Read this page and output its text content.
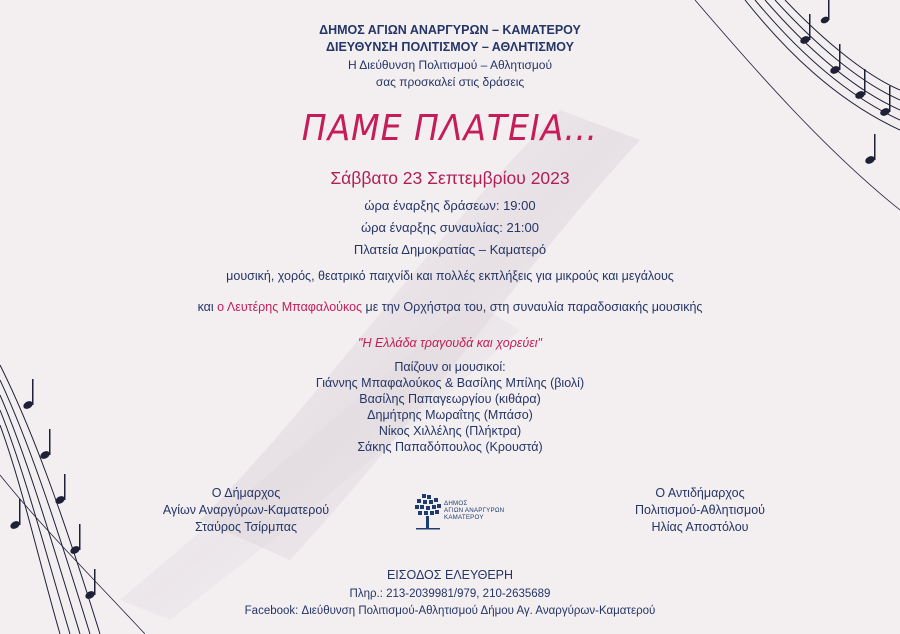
ΔΗΜΟΣ ΑΓΙΩΝ ΑΝΑΡΓΥΡΩΝ – ΚΑΜΑΤΕΡΟΥ
ΔΙΕΥΘΥΝΣΗ ΠΟΛΙΤΙΣΜΟΥ – ΑΘΛΗΤΙΣΜΟΥ
Η Διεύθυνση Πολιτισμού – Αθλητισμού
σας προσκαλεί στις δράσεις
ΠΑΜΕ ΠΛΑΤΕΙΑ…
Σάββατο 23 Σεπτεμβρίου 2023
ώρα έναρξης δράσεων: 19:00
ώρα έναρξης συναυλίας: 21:00
Πλατεία Δημοκρατίας – Καματερό
μουσική, χορός, θεατρικό παιχνίδι και πολλές εκπλήξεις για μικρούς και μεγάλους
και ο Λευτέρης Μπαφαλούκος με την Ορχήστρα του, στη συναυλία παραδοσιακής μουσικής
"Η Ελλάδα τραγουδά και χορεύει"
Παίζουν οι μουσικοί:
Γιάννης Μπαφαλούκος & Βασίλης Μπίλης (βιολί)
Βασίλης Παπαγεωργίου (κιθάρα)
Δημήτρης Μωραΐτης (Μπάσο)
Νίκος Χιλλέλης (Πλήκτρα)
Σάκης Παπαδόπουλος (Κρουστά)
Ο Δήμαρχος
Αγίων Αναργύρων-Καματερού
Σταύρος Τσίρμπας
Ο Αντιδήμαρχος
Πολιτισμού-Αθλητισμού
Ηλίας Αποστόλου
ΔΗΜΟΣ
ΑΓΙΩΝ ΑΝΑΡΓΥΡΩΝ
ΚΑΜΑΤΕΡΟΥ
ΕΙΣΟΔΟΣ ΕΛΕΥΘΕΡΗ
Πληρ.: 213-2039981/979, 210-2635689
Facebook: Διεύθυνση Πολιτισμού-Αθλητισμού Δήμου Αγ. Αναργύρων-Καματερού
